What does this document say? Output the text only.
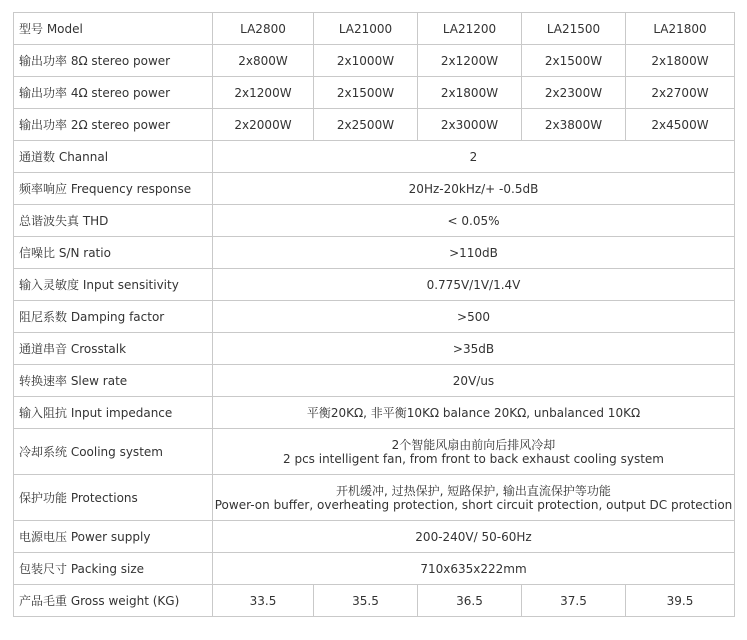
型号 Model	LA2800	LA21000	LA21200	LA21500	LA21800
输出功率 8Ω stereo power	2x800W	2x1000W	2x1200W	2x1500W	2x1800W
输出功率 4Ω stereo power	2x1200W	2x1500W	2x1800W	2x2300W	2x2700W
输出功率 2Ω stereo power	2x2000W	2x2500W	2x3000W	2x3800W	2x4500W
通道数 Channal	2				
频率响应 Frequency response	20Hz-20kHz/+ -0.5dB				
总谐波失真 THD	< 0.05%				
信噪比 S/N ratio	>110dB				
输入灵敏度 Input sensitivity	0.775V/1V/1.4V				
阻尼系数 Damping factor	>500				
通道串音 Crosstalk	>35dB				
转换速率 Slew rate	20V/us				
输入阻抗 Input impedance	平衡20KΩ, 非平衡10KΩ balance 20KΩ, unbalanced 10KΩ				
冷却系统 Cooling system	2个智能风扇由前向后排风冷却
2 pcs intelligent fan, from front to back exhaust cooling system				

保护功能 Protections	开机缓冲, 过热保护, 短路保护, 输出直流保护等功能
Power-on buffer, overheating protection, short circuit protection, output DC protection				

电源电压 Power supply	200-240V/ 50-60Hz				
包装尺寸 Packing size	710x635x222mm				
产品毛重 Gross weight (KG)	33.5	35.5	36.5	37.5	39.5
